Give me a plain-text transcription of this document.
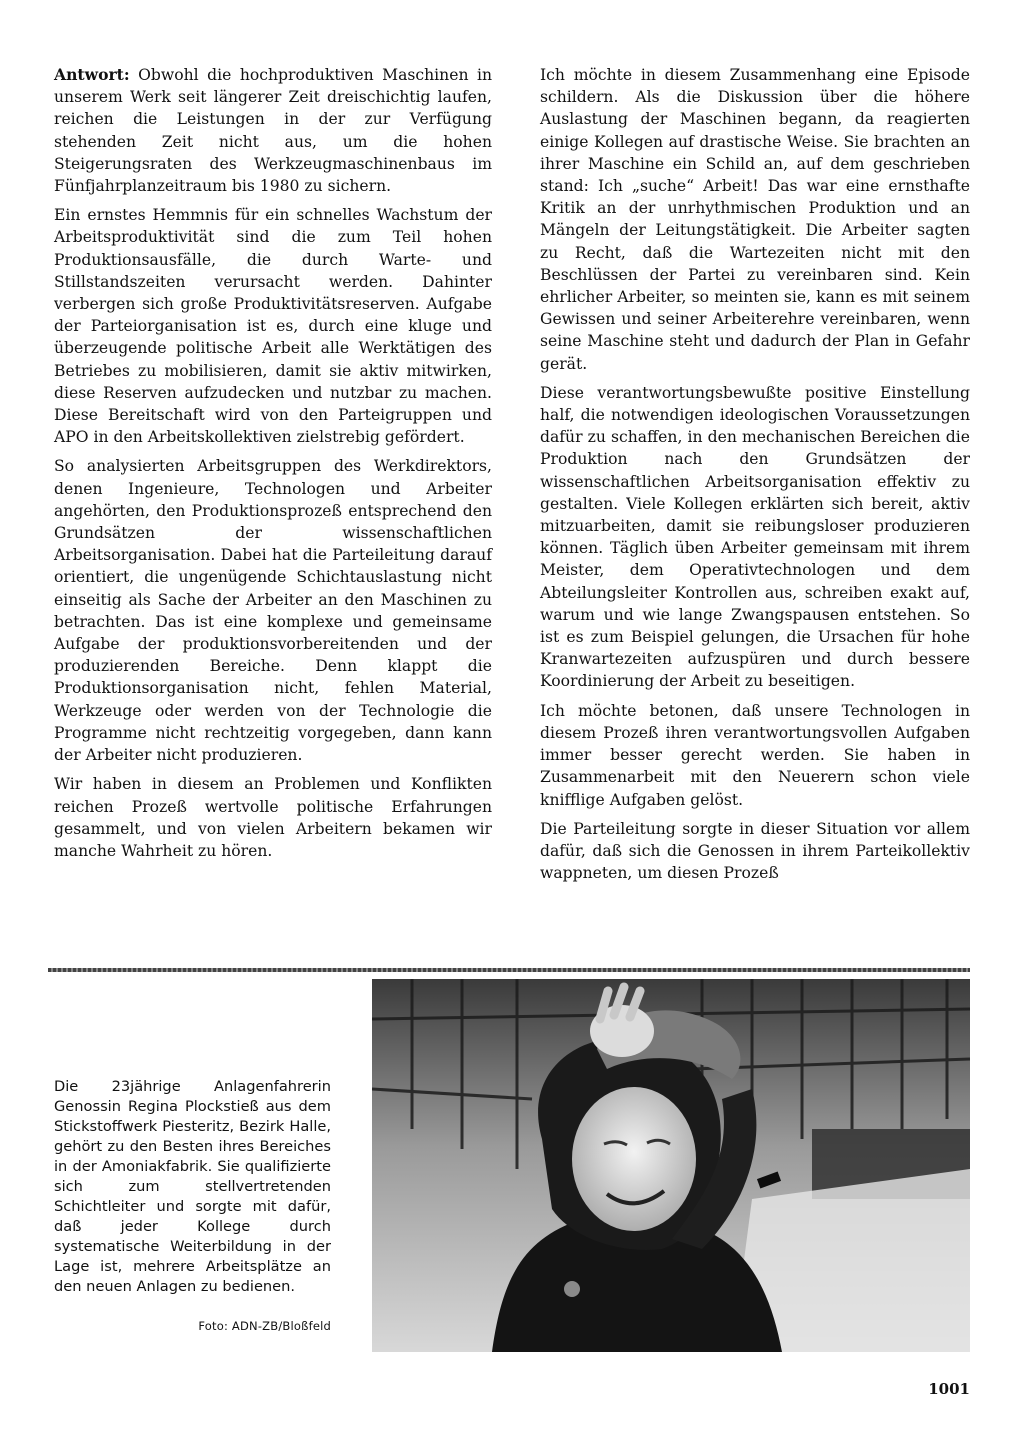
Antwort: Obwohl die hochproduktiven Maschinen in unserem Werk seit längerer Zeit dreischichtig laufen, reichen die Leistungen in der zur Verfügung stehenden Zeit nicht aus, um die hohen Steigerungsraten des Werkzeugmaschinenbaus im Fünfjahrplanzeitraum bis 1980 zu sichern.

Ein ernstes Hemmnis für ein schnelles Wachstum der Arbeitsproduktivität sind die zum Teil hohen Produktionsausfälle, die durch Warte- und Stillstandszeiten verursacht werden. Dahinter verbergen sich große Produktivitätsreserven. Aufgabe der Parteiorganisation ist es, durch eine kluge und überzeugende politische Arbeit alle Werktätigen des Betriebes zu mobilisieren, damit sie aktiv mitwirken, diese Reserven aufzudecken und nutzbar zu machen. Diese Bereitschaft wird von den Parteigruppen und APO in den Arbeitskollektiven zielstrebig gefördert.

So analysierten Arbeitsgruppen des Werkdirektors, denen Ingenieure, Technologen und Arbeiter angehörten, den Produktionsprozeß entsprechend den Grundsätzen der wissenschaftlichen Arbeitsorganisation. Dabei hat die Parteileitung darauf orientiert, die ungenügende Schichtauslastung nicht einseitig als Sache der Arbeiter an den Maschinen zu betrachten. Das ist eine komplexe und gemeinsame Aufgabe der produktionsvorbereitenden und der produzierenden Bereiche. Denn klappt die Produktionsorganisation nicht, fehlen Material, Werkzeuge oder werden von der Technologie die Programme nicht rechtzeitig vorgegeben, dann kann der Arbeiter nicht produzieren.

Wir haben in diesem an Problemen und Konflikten reichen Prozeß wertvolle politische Erfahrungen gesammelt, und von vielen Arbeitern bekamen wir manche Wahrheit zu hören.

Ich möchte in diesem Zusammenhang eine Episode schildern. Als die Diskussion über die höhere Auslastung der Maschinen begann, da reagierten einige Kollegen auf drastische Weise. Sie brachten an ihrer Maschine ein Schild an, auf dem geschrieben stand: Ich „suche“ Arbeit! Das war eine ernsthafte Kritik an der unrhythmischen Produktion und an Mängeln der Leitungstätigkeit. Die Arbeiter sagten zu Recht, daß die Wartezeiten nicht mit den Beschlüssen der Partei zu vereinbaren sind. Kein ehrlicher Arbeiter, so meinten sie, kann es mit seinem Gewissen und seiner Arbeiterehre vereinbaren, wenn seine Maschine steht und dadurch der Plan in Gefahr gerät.

Diese verantwortungsbewußte positive Einstellung half, die notwendigen ideologischen Voraussetzungen dafür zu schaffen, in den mechanischen Bereichen die Produktion nach den Grundsätzen der wissenschaftlichen Arbeitsorganisation effektiv zu gestalten. Viele Kollegen erklärten sich bereit, aktiv mitzuarbeiten, damit sie reibungsloser produzieren können. Täglich üben Arbeiter gemeinsam mit ihrem Meister, dem Operativtechnologen und dem Abteilungsleiter Kontrollen aus, schreiben exakt auf, warum und wie lange Zwangspausen entstehen. So ist es zum Beispiel gelungen, die Ursachen für hohe Kranwartezeiten aufzuspüren und durch bessere Koordinierung der Arbeit zu beseitigen.

Ich möchte betonen, daß unsere Technologen in diesem Prozeß ihren verantwortungsvollen Aufgaben immer besser gerecht werden. Sie haben in Zusammenarbeit mit den Neuerern schon viele knifflige Aufgaben gelöst.

Die Parteileitung sorgte in dieser Situation vor allem dafür, daß sich die Genossen in ihrem Parteikollektiv wappneten, um diesen Prozeß

Die 23jährige Anlagenfahrerin Genossin Regina Plockstieß aus dem Stickstoffwerk Piesteritz, Bezirk Halle, gehört zu den Besten ihres Bereiches in der Amoniakfabrik. Sie qualifizierte sich zum stellvertretenden Schichtleiter und sorgte mit dafür, daß jeder Kollege durch systematische Weiterbildung in der Lage ist, mehrere Arbeitsplätze an den neuen Anlagen zu bedienen.
Foto: ADN-ZB/Bloßfeld
1001
